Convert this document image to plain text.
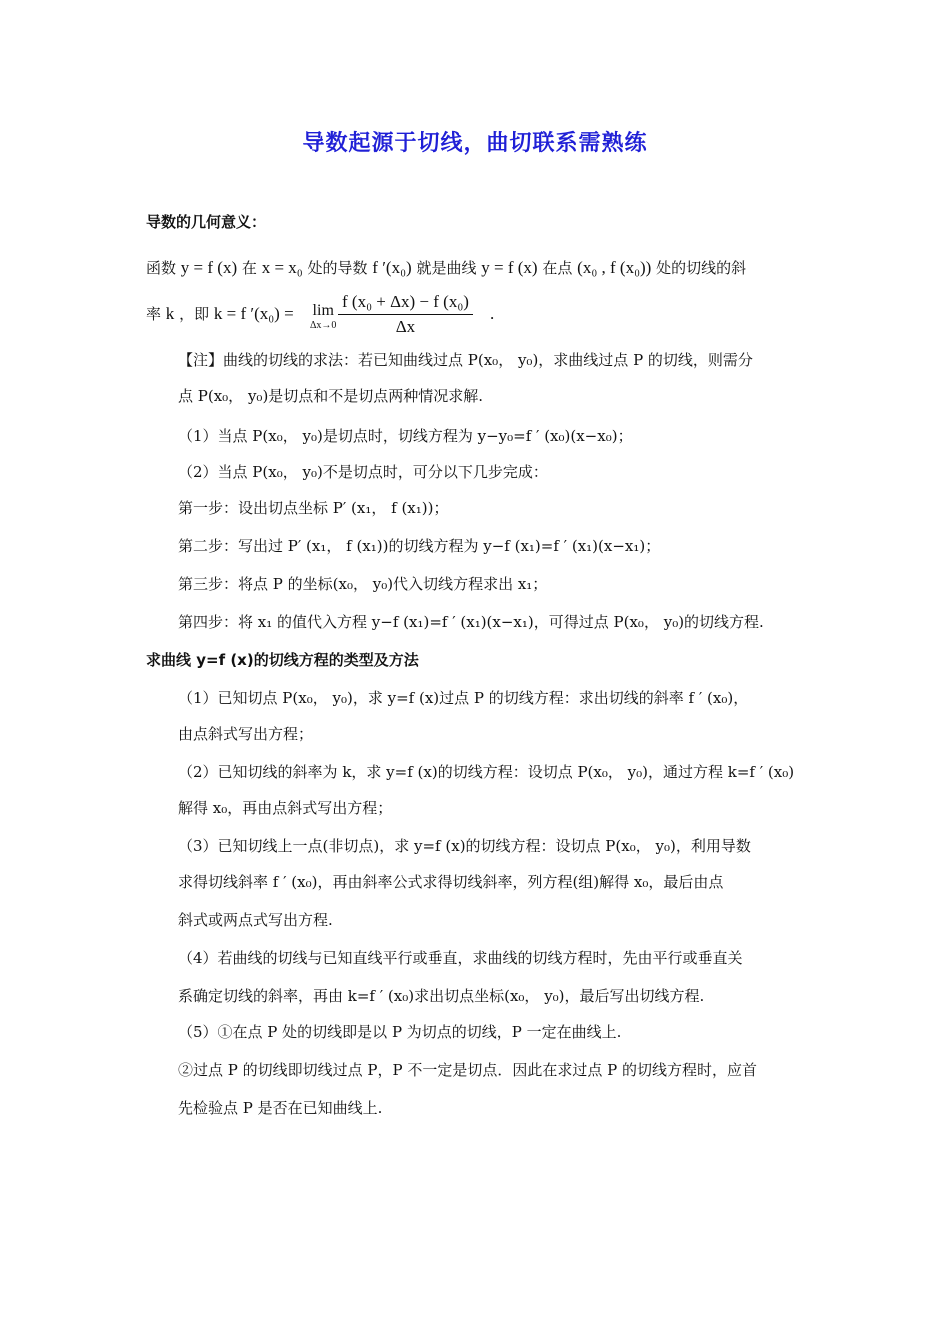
导数起源于切线，曲切联系需熟练
导数的几何意义：
函数 y = f (x) 在 x = x₀ 处的导数 f ′(x₀) 就是曲线 y = f (x) 在点 (x₀ , f (x₀)) 处的切线的斜
率 k ，即 k = f ′(x₀) = lim
Δx→0
f (x₀ + Δx) − f (x₀)
Δx
.
【注】曲线的切线的求法：若已知曲线过点 P(x₀， y₀)，求曲线过点 P 的切线，则需分
点 P(x₀， y₀)是切点和不是切点两种情况求解.
（1）当点 P(x₀， y₀)是切点时，切线方程为 y−y₀=f ′ (x₀)(x−x₀)；
（2）当点 P(x₀， y₀)不是切点时，可分以下几步完成：
第一步：设出切点坐标 P′ (x₁， f (x₁))；
第二步：写出过 P′ (x₁， f (x₁))的切线方程为 y−f (x₁)=f ′ (x₁)(x−x₁)；
第三步：将点 P 的坐标(x₀， y₀)代入切线方程求出 x₁；
第四步：将 x₁ 的值代入方程 y−f (x₁)=f ′ (x₁)(x−x₁)，可得过点 P(x₀， y₀)的切线方程.
求曲线 y=f (x)的切线方程的类型及方法
（1）已知切点 P(x₀， y₀)，求 y=f (x)过点 P 的切线方程：求出切线的斜率 f ′ (x₀)，
由点斜式写出方程；
（2）已知切线的斜率为 k，求 y=f (x)的切线方程：设切点 P(x₀， y₀)，通过方程 k=f ′ (x₀)
解得 x₀，再由点斜式写出方程；
（3）已知切线上一点(非切点)，求 y=f (x)的切线方程：设切点 P(x₀， y₀)，利用导数
求得切线斜率 f ′ (x₀)，再由斜率公式求得切线斜率，列方程(组)解得 x₀，最后由点
斜式或两点式写出方程.
（4）若曲线的切线与已知直线平行或垂直，求曲线的切线方程时，先由平行或垂直关
系确定切线的斜率，再由 k=f ′ (x₀)求出切点坐标(x₀， y₀)，最后写出切线方程.
（5）①在点 P 处的切线即是以 P 为切点的切线，P 一定在曲线上.
②过点 P 的切线即切线过点 P，P 不一定是切点．因此在求过点 P 的切线方程时，应首
先检验点 P 是否在已知曲线上.
